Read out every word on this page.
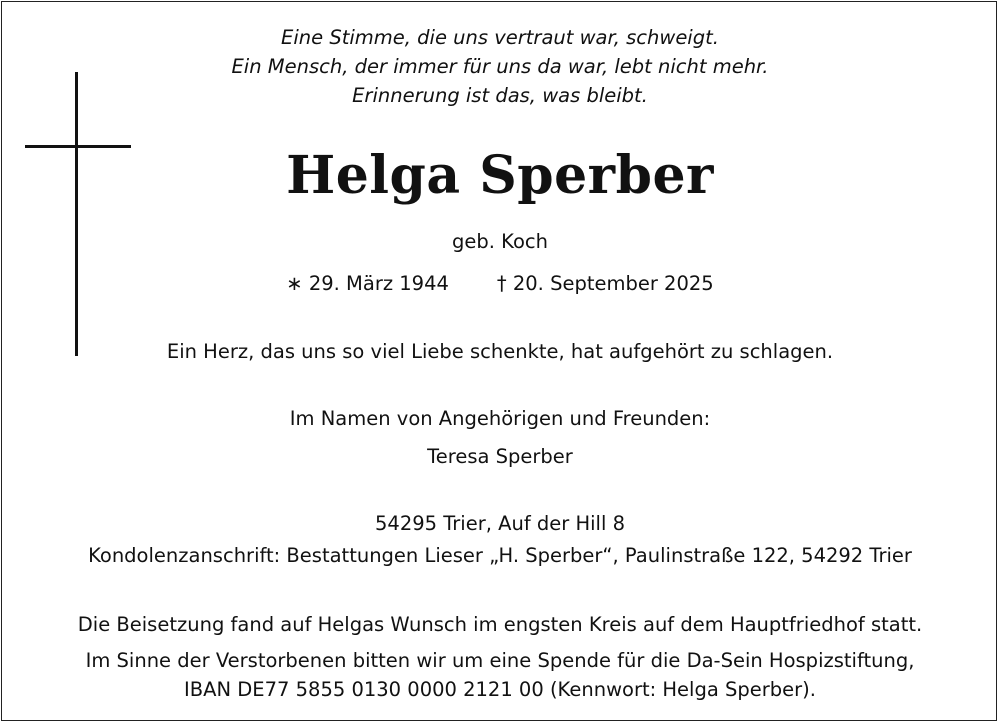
Eine Stimme, die uns vertraut war, schweigt.
Ein Mensch, der immer für uns da war, lebt nicht mehr.
Erinnerung ist das, was bleibt.
Helga Sperber
geb. Koch
∗ 29. März 1944 † 20. September 2025
Ein Herz, das uns so viel Liebe schenkte, hat aufgehört zu schlagen.
Im Namen von Angehörigen und Freunden:
Teresa Sperber
54295 Trier, Auf der Hill 8
Kondolenzanschrift: Bestattungen Lieser „H. Sperber“, Paulinstraße 122, 54292 Trier
Die Beisetzung fand auf Helgas Wunsch im engsten Kreis auf dem Hauptfriedhof statt.
Im Sinne der Verstorbenen bitten wir um eine Spende für die Da-Sein Hospizstiftung,
IBAN DE77 5855 0130 0000 2121 00 (Kennwort: Helga Sperber).
